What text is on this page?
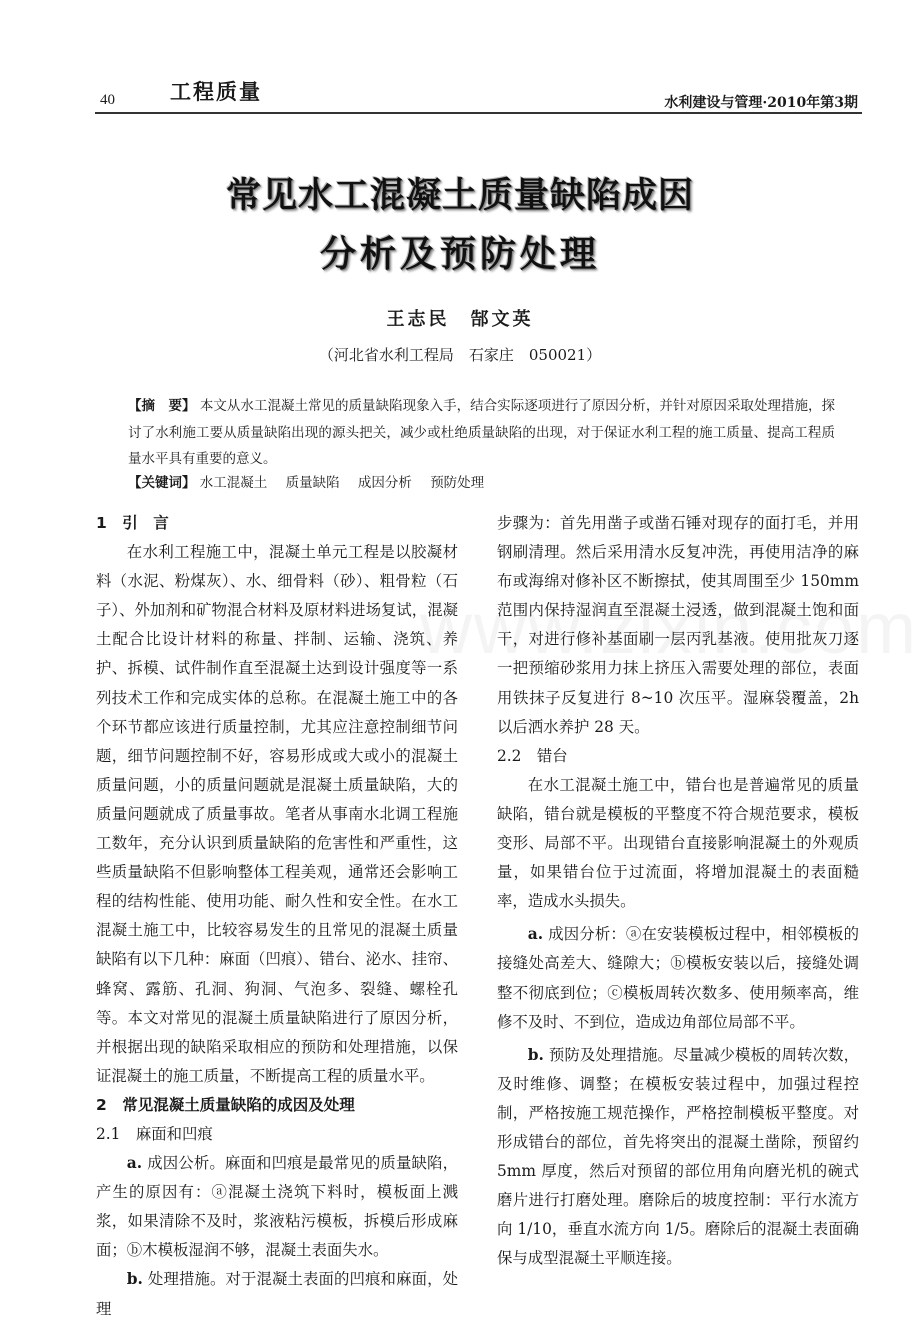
40	工程质量	水利建设与管理·2010年第3期
常见水工混凝土质量缺陷成因
分析及预防处理
王志民　郜文英
（河北省水利工程局　石家庄　050021）
【摘　要】 本文从水工混凝土常见的质量缺陷现象入手，结合实际逐项进行了原因分析，并针对原因采取处理措施，探讨了水利施工要从质量缺陷出现的源头把关，减少或杜绝质量缺陷的出现，对于保证水利工程的施工质量、提高工程质量水平具有重要的意义。
【关键词】 水工混凝土 质量缺陷 成因分析 预防处理

1　引　言

在水利工程施工中，混凝土单元工程是以胶凝材料（水泥、粉煤灰）、水、细骨料（砂）、粗骨粒（石子）、外加剂和矿物混合材料及原材料进场复试，混凝土配合比设计材料的称量、拌制、运输、浇筑、养护、拆模、试件制作直至混凝土达到设计强度等一系列技术工作和完成实体的总称。在混凝土施工中的各个环节都应该进行质量控制，尤其应注意控制细节问题，细节问题控制不好，容易形成或大或小的混凝土质量问题，小的质量问题就是混凝土质量缺陷，大的质量问题就成了质量事故。笔者从事南水北调工程施工数年，充分认识到质量缺陷的危害性和严重性，这些质量缺陷不但影响整体工程美观，通常还会影响工程的结构性能、使用功能、耐久性和安全性。在水工混凝土施工中，比较容易发生的且常见的混凝土质量缺陷有以下几种：麻面（凹痕）、错台、泌水、挂帘、蜂窝、露筋、孔洞、狗洞、气泡多、裂缝、螺栓孔等。本文对常见的混凝土质量缺陷进行了原因分析，并根据出现的缺陷采取相应的预防和处理措施，以保证混凝土的施工质量，不断提高工程的质量水平。

2　常见混凝土质量缺陷的成因及处理

2.1　麻面和凹痕

a. 成因公析。麻面和凹痕是最常见的质量缺陷，产生的原因有：ⓐ混凝土浇筑下料时，模板面上溅浆，如果清除不及时，浆液粘污模板，拆模后形成麻面；ⓑ木模板湿润不够，混凝土表面失水。

b. 处理措施。对于混凝土表面的凹痕和麻面，处理

步骤为：首先用凿子或凿石锤对现存的面打毛，并用钢刷清理。然后采用清水反复冲洗，再使用洁净的麻布或海绵对修补区不断擦拭，使其周围至少 150mm 范围内保持湿润直至混凝土浸透，做到混凝土饱和面干，对进行修补基面刷一层丙乳基液。使用批灰刀逐一把预缩砂浆用力抹上挤压入需要处理的部位，表面用铁抹子反复进行 8~10 次压平。湿麻袋覆盖，2h 以后洒水养护 28 天。

2.2　错台

在水工混凝土施工中，错台也是普遍常见的质量缺陷，错台就是模板的平整度不符合规范要求，模板变形、局部不平。出现错台直接影响混凝土的外观质量，如果错台位于过流面，将增加混凝土的表面糙率，造成水头损失。

a. 成因分析：ⓐ在安装模板过程中，相邻模板的接缝处高差大、缝隙大；ⓑ模板安装以后，接缝处调整不彻底到位；ⓒ模板周转次数多、使用频率高，维修不及时、不到位，造成边角部位局部不平。

b. 预防及处理措施。尽量减少模板的周转次数，及时维修、调整；在模板安装过程中，加强过程控制，严格按施工规范操作，严格控制模板平整度。对形成错台的部位，首先将突出的混凝土凿除，预留约 5mm 厚度，然后对预留的部位用角向磨光机的碗式磨片进行打磨处理。磨除后的坡度控制：平行水流方向 1/10，垂直水流方向 1/5。磨除后的混凝土表面确保与成型混凝土平顺连接。
